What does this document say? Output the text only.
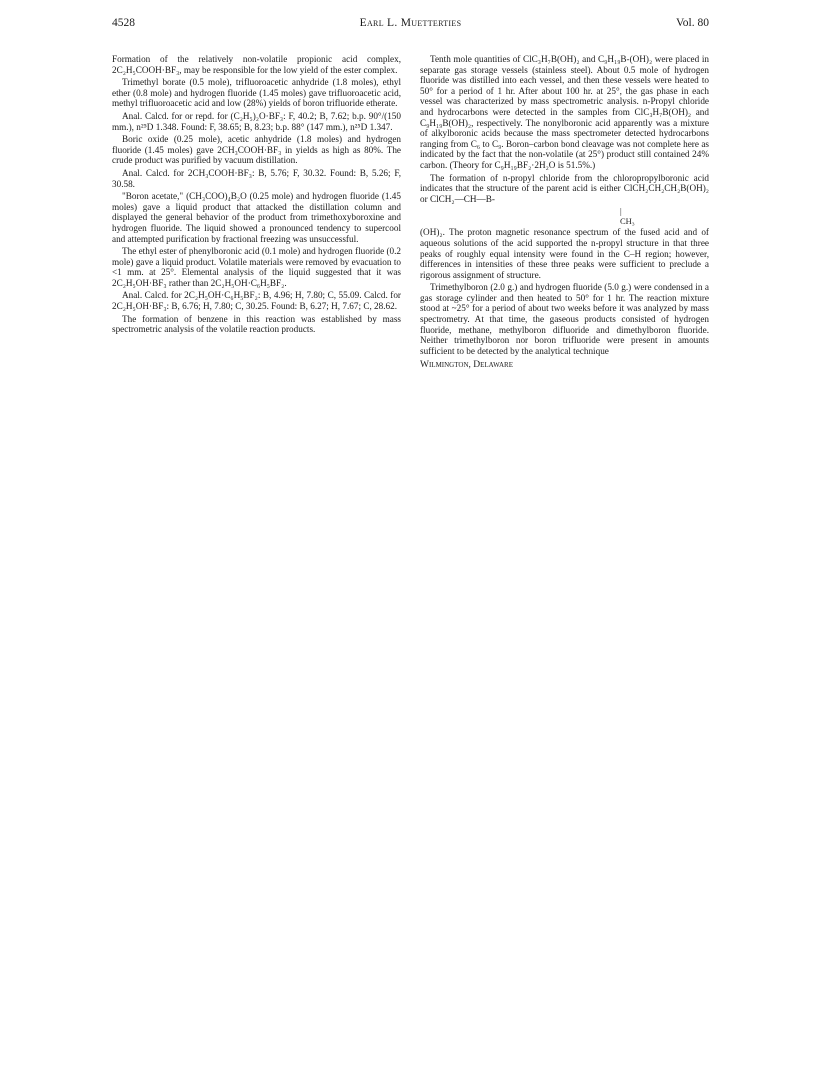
4528	Earl L. Muetterties	Vol. 80

Formation of the relatively non-volatile propionic acid complex, 2C₂H₅COOH·BF₃, may be responsible for the low yield of the ester complex.

Trimethyl borate (0.5 mole), trifluoroacetic anhydride (1.8 moles), ethyl ether (0.8 mole) and hydrogen fluoride (1.45 moles) gave trifluoroacetic acid, methyl trifluoroacetic acid and low (28%) yields of boron trifluoride etherate.

Anal. Calcd. for or repd. for (C₂H₅)₂O·BF₃: F, 40.2; B, 7.62; b.p. 90°/(150 mm.), n²⁵D 1.348. Found: F, 38.65; B, 8.23; b.p. 88° (147 mm.), n²⁵D 1.347.

Boric oxide (0.25 mole), acetic anhydride (1.8 moles) and hydrogen fluoride (1.45 moles) gave 2CH₃COOH·BF₃ in yields as high as 80%. The crude product was purified by vacuum distillation.

Anal. Calcd. for 2CH₃COOH·BF₃: B, 5.76; F, 30.32. Found: B, 5.26; F, 30.58.

"Boron acetate," (CH₃COO)₄B₂O (0.25 mole) and hydrogen fluoride (1.45 moles) gave a liquid product that attacked the distillation column and displayed the general behavior of the product from trimethoxyboroxine and hydrogen fluoride. The liquid showed a pronounced tendency to supercool and attempted purification by fractional freezing was unsuccessful.

The ethyl ester of phenylboronic acid (0.1 mole) and hydrogen fluoride (0.2 mole) gave a liquid product. Volatile materials were removed by evacuation to <1 mm. at 25°. Elemental analysis of the liquid suggested that it was 2C₂H₅OH·BF₃ rather than 2C₂H₅OH·C₆H₅BF₂.

Anal. Calcd. for 2C₂H₅OH·C₆H₅BF₂: B, 4.96; H, 7.80; C, 55.09. Calcd. for 2C₂H₅OH·BF₃: B, 6.76; H, 7.80; C, 30.25. Found: B, 6.27; H, 7.67; C, 28.62.

The formation of benzene in this reaction was established by mass spectrometric analysis of the volatile reaction products.

Tenth mole quantities of ClC₃H₇B(OH)₂ and C₉H₁₉B-(OH)₂ were placed in separate gas storage vessels (stainless steel). About 0.5 mole of hydrogen fluoride was distilled into each vessel, and then these vessels were heated to 50° for a period of 1 hr. After about 100 hr. at 25°, the gas phase in each vessel was characterized by mass spectrometric analysis. n-Propyl chloride and hydrocarbons were detected in the samples from ClC₃H₇B(OH)₂ and C₉H₁₉B(OH)₂, respectively. The nonylboronic acid apparently was a mixture of alkylboronic acids because the mass spectrometer detected hydrocarbons ranging from C₆ to C₉. Boron–carbon bond cleavage was not complete here as indicated by the fact that the non-volatile (at 25°) product still contained 24% carbon. (Theory for C₉H₁₉BF₂·2H₂O is 51.5%.)

The formation of n-propyl chloride from the chloropropylboronic acid indicates that the structure of the parent acid is either ClCH₂CH₂CH₂B(OH)₂ or ClCH₂—CH—B-

|
CH₃

(OH)₂. The proton magnetic resonance spectrum of the fused acid and of aqueous solutions of the acid supported the n-propyl structure in that three peaks of roughly equal intensity were found in the C–H region; however, differences in intensities of these three peaks were sufficient to preclude a rigorous assignment of structure.

Trimethylboron (2.0 g.) and hydrogen fluoride (5.0 g.) were condensed in a gas storage cylinder and then heated to 50° for 1 hr. The reaction mixture stood at ~25° for a period of about two weeks before it was analyzed by mass spectrometry. At that time, the gaseous products consisted of hydrogen fluoride, methane, methylboron difluoride and dimethylboron fluoride. Neither trimethylboron nor boron trifluoride were present in amounts sufficient to be detected by the analytical technique

Wilmington, Delaware
